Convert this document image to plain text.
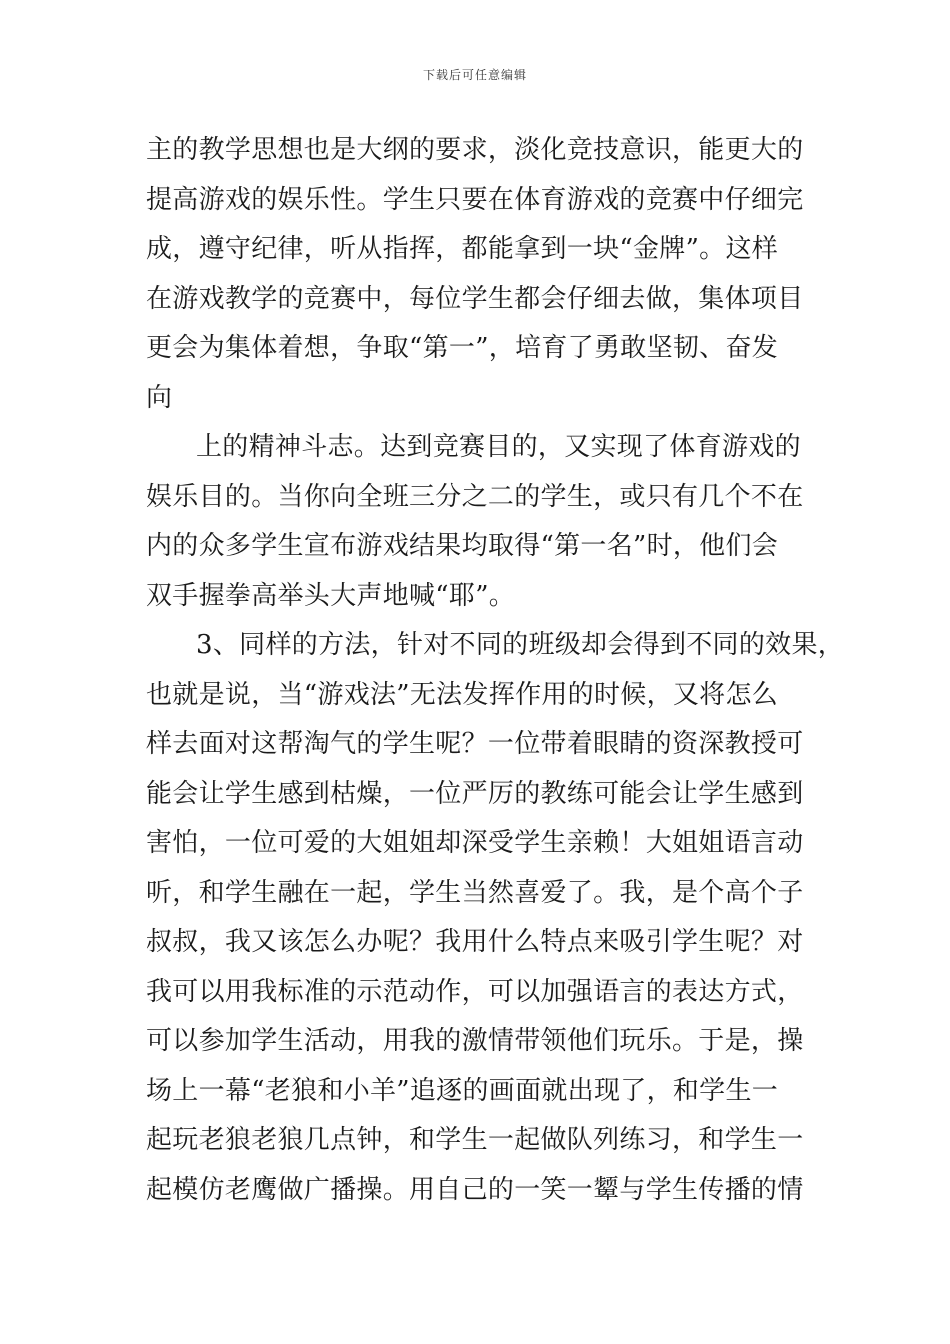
下载后可任意编辑
主的教学思想也是大纲的要求，淡化竞技意识，能更大的
提高游戏的娱乐性。学生只要在体育游戏的竞赛中仔细完
成，遵守纪律，听从指挥，都能拿到一块“金牌”。这样
在游戏教学的竞赛中，每位学生都会仔细去做，集体项目
更会为集体着想，争取“第一”，培育了勇敢坚韧、奋发
向
上的精神斗志。达到竞赛目的，又实现了体育游戏的
娱乐目的。当你向全班三分之二的学生，或只有几个不在
内的众多学生宣布游戏结果均取得“第一名”时，他们会
双手握拳高举头大声地喊“耶”。
3、同样的方法，针对不同的班级却会得到不同的效果，
也就是说，当“游戏法”无法发挥作用的时候，又将怎么
样去面对这帮淘气的学生呢？一位带着眼睛的资深教授可
能会让学生感到枯燥，一位严厉的教练可能会让学生感到
害怕，一位可爱的大姐姐却深受学生亲赖！大姐姐语言动
听，和学生融在一起，学生当然喜爱了。我，是个高个子
叔叔，我又该怎么办呢？我用什么特点来吸引学生呢？对
我可以用我标准的示范动作，可以加强语言的表达方式，
可以参加学生活动，用我的激情带领他们玩乐。于是，操
场上一幕“老狼和小羊”追逐的画面就出现了，和学生一
起玩老狼老狼几点钟，和学生一起做队列练习，和学生一
起模仿老鹰做广播操。用自己的一笑一颦与学生传播的情
